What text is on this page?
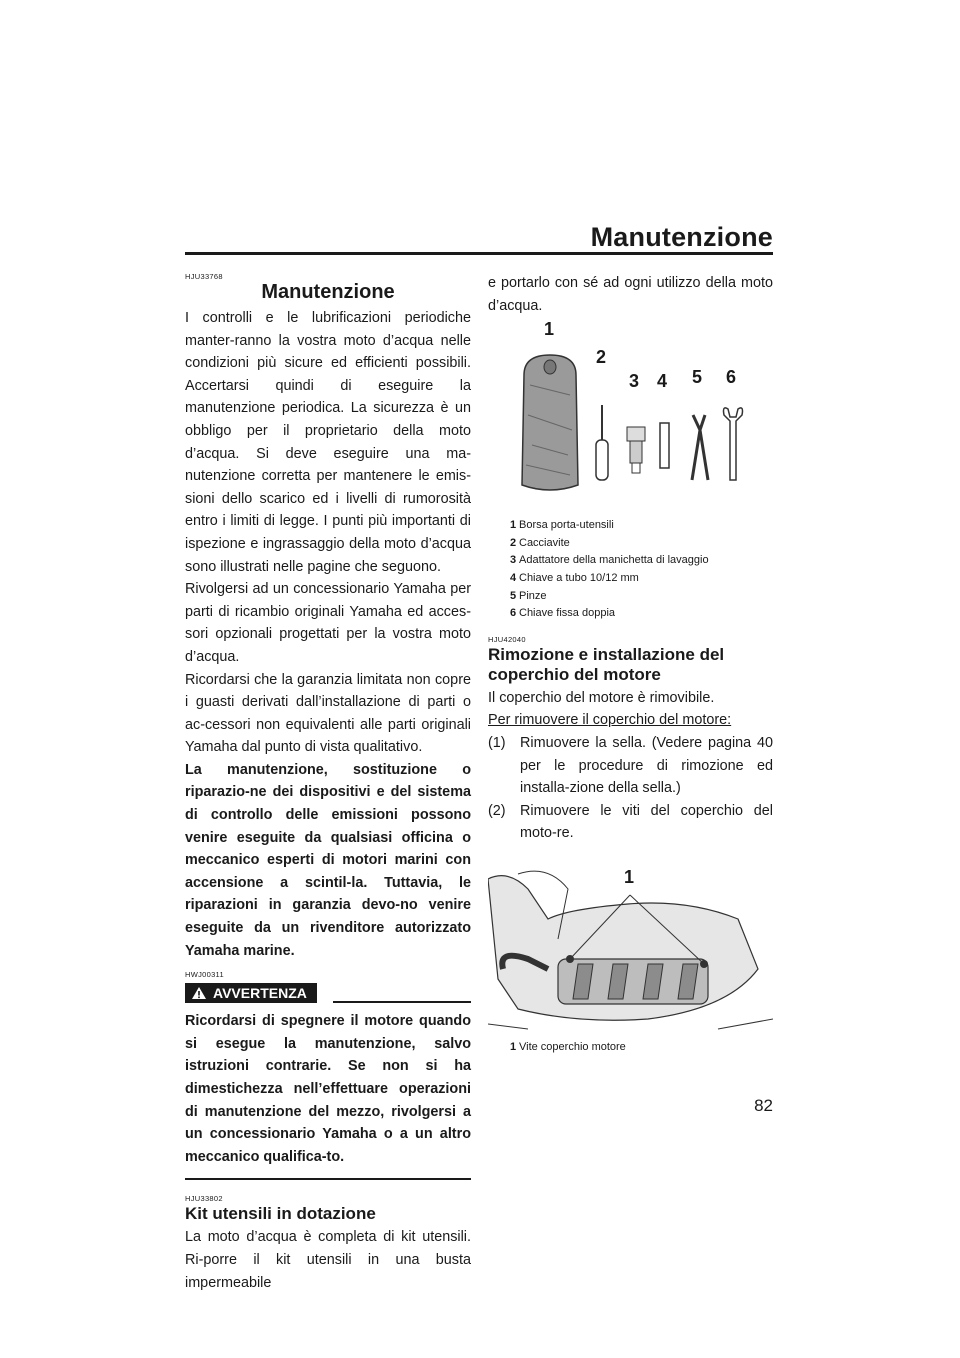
Manutenzione
HJU33768
Manutenzione

I controlli e le lubrificazioni periodiche manter-ranno la vostra moto d’acqua nelle condizioni più sicure ed efficienti possibili. Accertarsi quindi di eseguire la manutenzione periodica. La sicurezza è un obbligo per il proprietario della moto d’acqua. Si deve eseguire una ma-nutenzione corretta per mantenere le emis-sioni dello scarico ed i livelli di rumorosità entro i limiti di legge. I punti più importanti di ispezione e ingrassaggio della moto d’acqua sono illustrati nelle pagine che seguono.

Rivolgersi ad un concessionario Yamaha per parti di ricambio originali Yamaha ed acces-sori opzionali progettati per la vostra moto d’acqua.

Ricordarsi che la garanzia limitata non copre i guasti derivati dall’installazione di parti o ac-cessori non equivalenti alle parti originali Yamaha dal punto di vista qualitativo.

La manutenzione, sostituzione o riparazio-ne dei dispositivi e del sistema di controllo delle emissioni possono venire eseguite da qualsiasi officina o meccanico esperti di motori marini con accensione a scintil-la. Tuttavia, le riparazioni in garanzia devo-no venire eseguite da un rivenditore autorizzato Yamaha marine.

HWJ00311
AVVERTENZA

Ricordarsi di spegnere il motore quando si esegue la manutenzione, salvo istruzioni contrarie. Se non si ha dimestichezza nell’effettuare operazioni di manutenzione del mezzo, rivolgersi a un concessionario Yamaha o a un altro meccanico qualifica-to.

HJU33802
Kit utensili in dotazione

La moto d’acqua è completa di kit utensili. Ri-porre il kit utensili in una busta impermeabile

e portarlo con sé ad ogni utilizzo della moto d’acqua.

1
2
3 4 5 6
1 Borsa porta-utensili
2 Cacciavite
3 Adattatore della manichetta di lavaggio
4 Chiave a tubo 10/12 mm
5 Pinze
6 Chiave fissa doppia
HJU42040
Rimozione e installazione del coperchio del motore

Il coperchio del motore è rimovibile.

Per rimuovere il coperchio del motore:

(1)	Rimuovere la sella. (Vedere pagina 40 per le procedure di rimozione ed installa-zione della sella.)
(2)	Rimuovere le viti del coperchio del moto-re.
1
1 Vite coperchio motore
82
